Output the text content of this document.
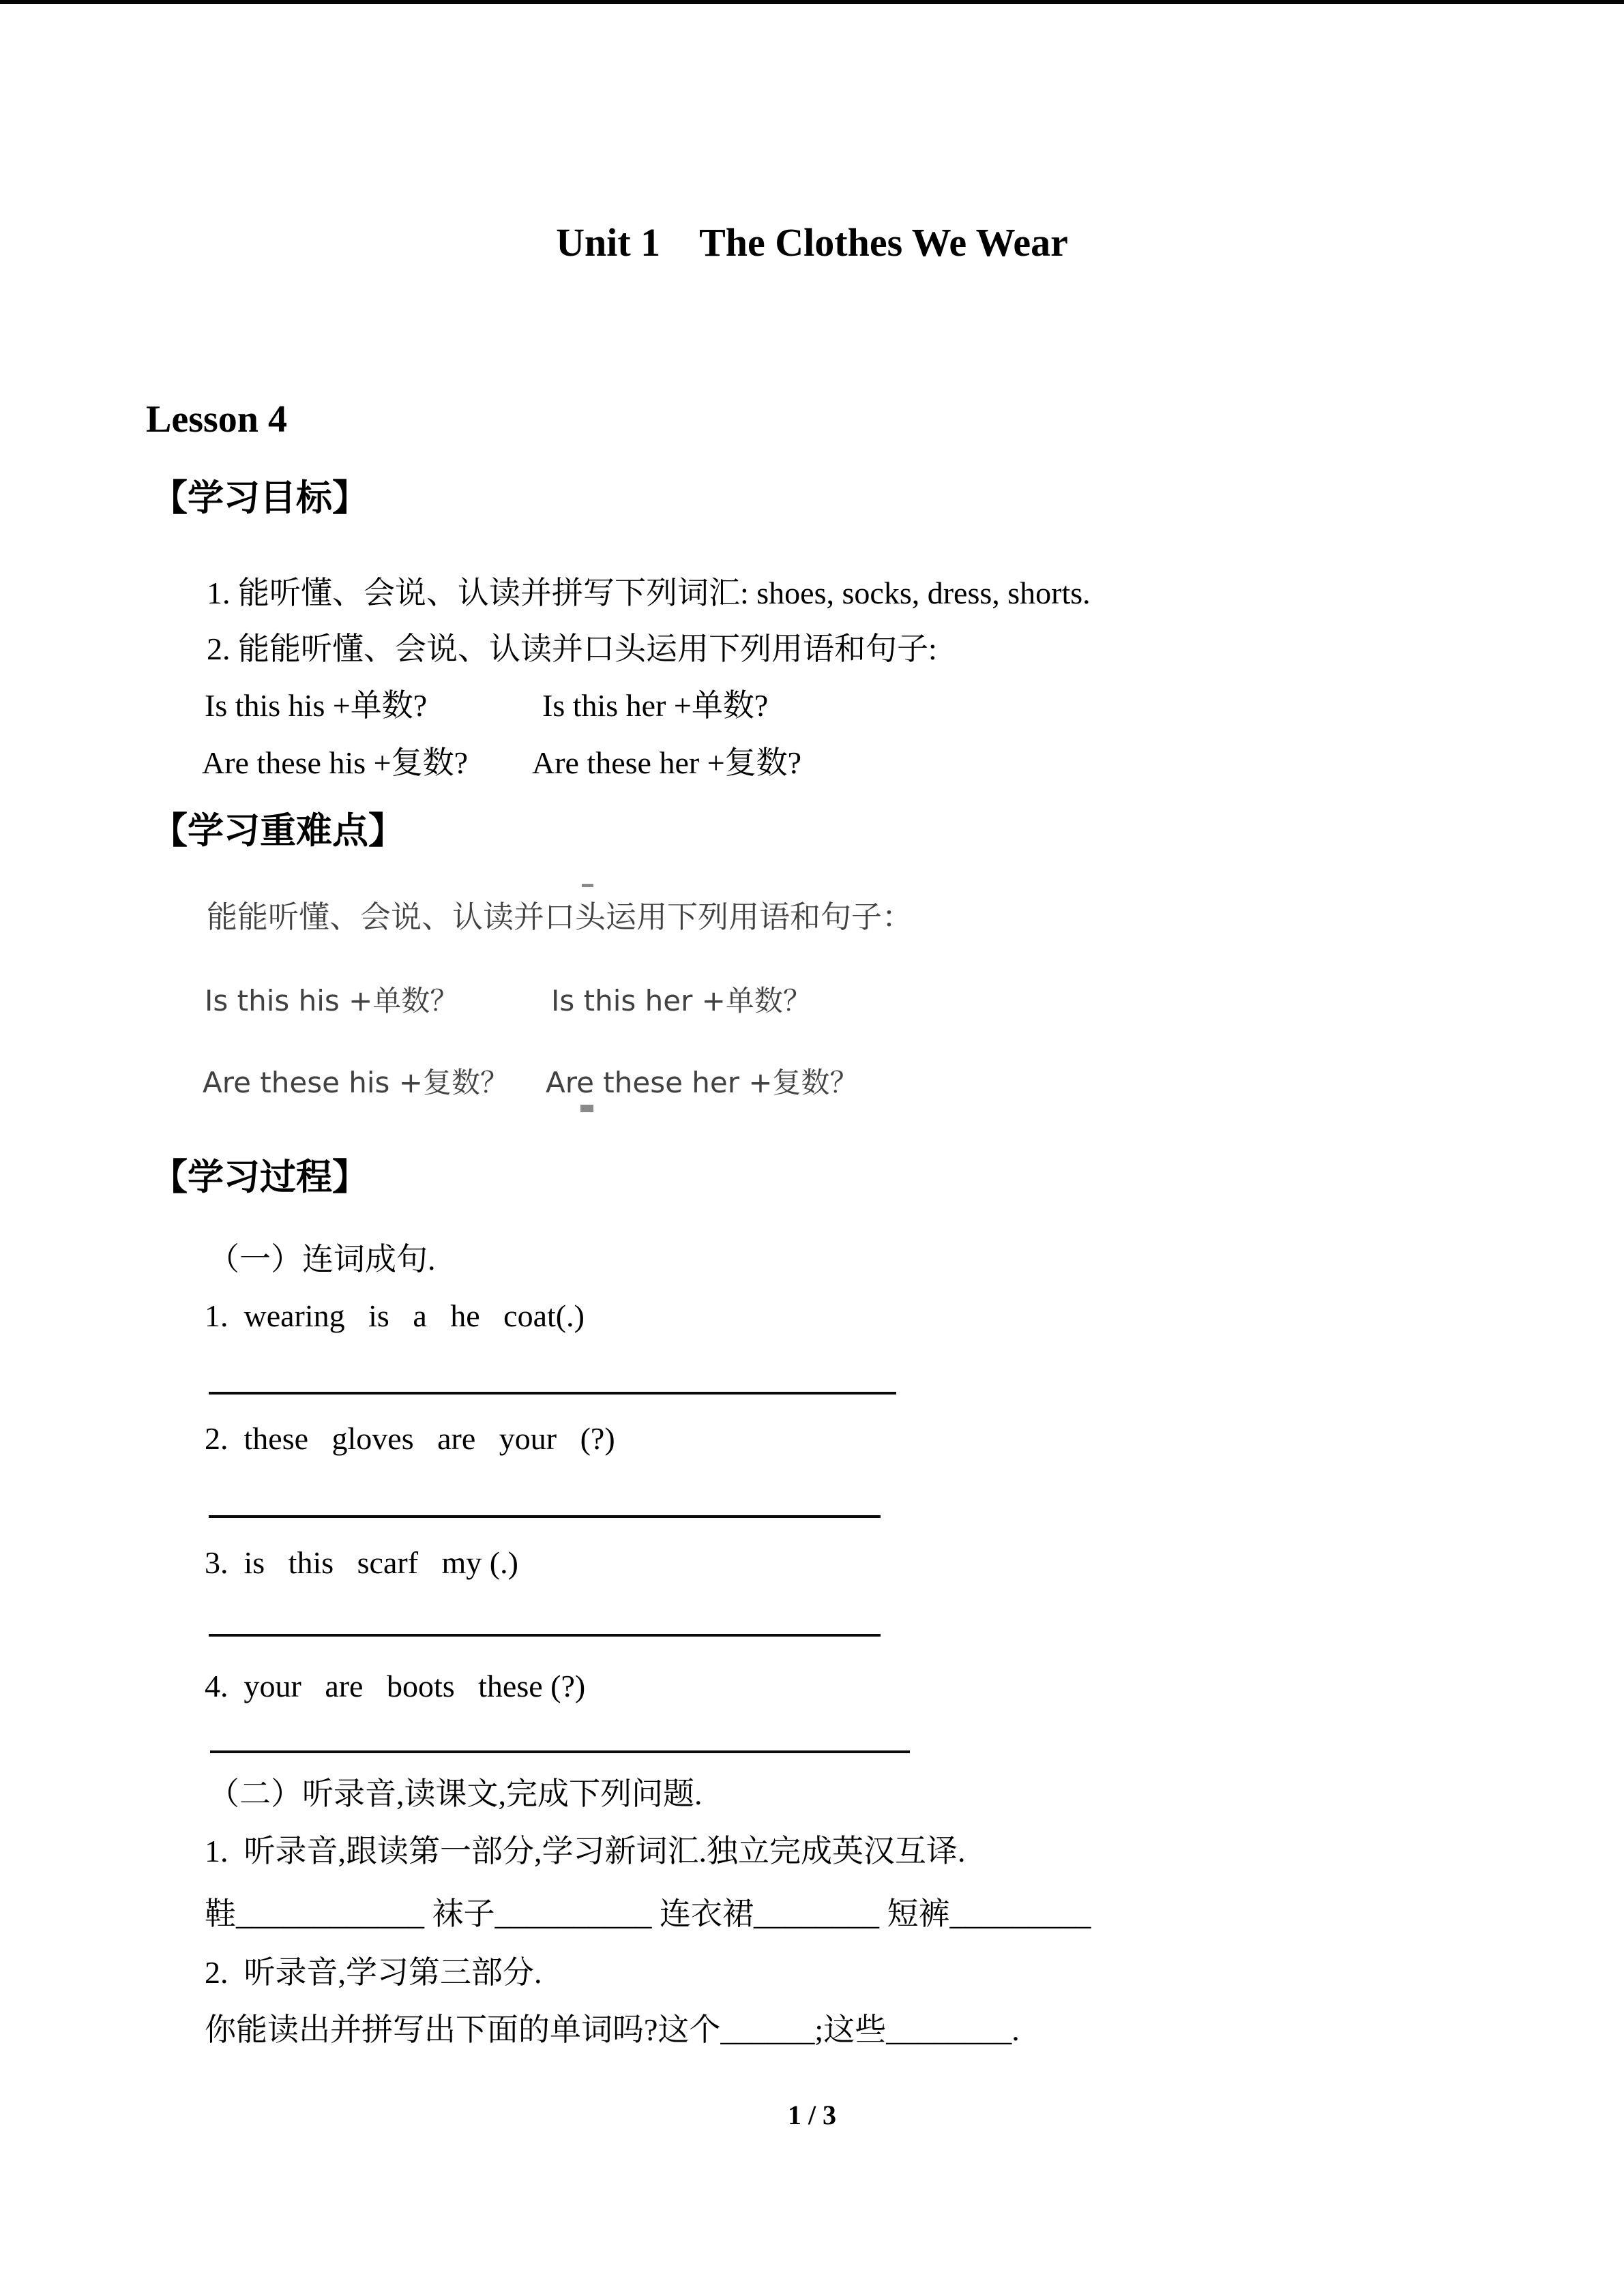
Unit 1    The Clothes We Wear
Lesson 4
【学习目标】
1. 能听懂、会说、认读并拼写下列词汇: shoes, socks, dress, shorts.
2. 能能听懂、会说、认读并口头运用下列用语和句子:
Is this his +单数?	Is this her +单数?
Are these his +复数? Are these her +复数?
【学习重难点】
能能听懂、会说、认读并口头运用下列用语和句子：
Is this his +单数？	Is this her +单数？
Are these his +复数？ Are these her +复数？
【学习过程】
（一）连词成句.
1.  wearing   is   a   he   coat(.)
2.  these   gloves   are   your   (?)
3.  is   this   scarf   my (.)
4.  your   are   boots   these (?)
（二）听录音,读课文,完成下列问题.
1.  听录音,跟读第一部分,学习新词汇.独立完成英汉互译.
鞋____________ 袜子__________ 连衣裙________ 短裤_________
2.  听录音,学习第三部分.
你能读出并拼写出下面的单词吗?这个______;这些________.
1 / 3
